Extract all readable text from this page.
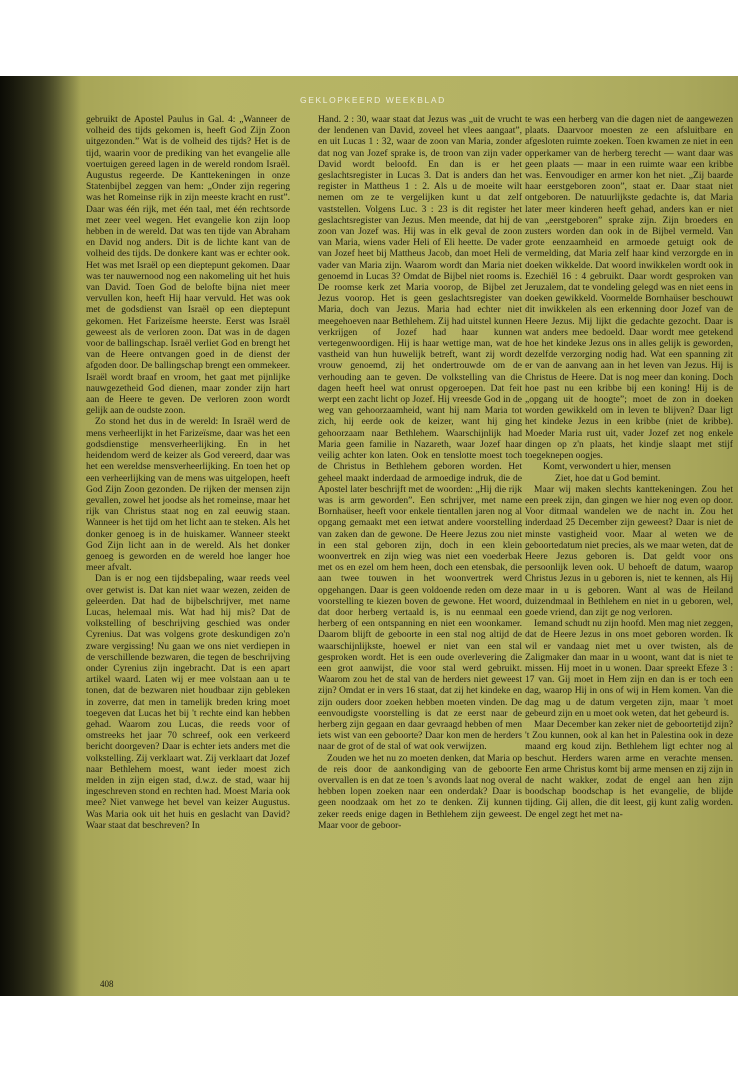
GEKLOPKEERD WEEKBLAD

gebruikt de Apostel Paulus in Gal. 4: „Wanneer de volheid des tijds gekomen is, heeft God Zijn Zoon uitgezonden.” Wat is de volheid des tijds? Het is de tijd, waarin voor de prediking van het evangelie alle voertuigen gereed lagen in de wereld rondom Israël. Augustus regeerde. De Kanttekeningen in onze Statenbijbel zeggen van hem: „Onder zijn regering was het Romeinse rijk in zijn meeste kracht en rust”. Daar was één rijk, met één taal, met één rechtsorde met zeer veel wegen. Het evangelie kon zijn loop hebben in de wereld. Dat was ten tijde van Abraham en David nog anders. Dit is de lichte kant van de volheid des tijds. De donkere kant was er echter ook. Het was met Israël op een dieptepunt gekomen. Daar was ter nauwernood nog een nakomeling uit het huis van David. Toen God de belofte bijna niet meer vervullen kon, heeft Hij haar vervuld. Het was ook met de godsdienst van Israël op een dieptepunt gekomen. Het Farizeïsme heerste. Eerst was Israël geweest als de verloren zoon. Dat was in de dagen voor de ballingschap. Israël verliet God en brengt het van de Heere ontvangen goed in de dienst der afgoden door. De ballingschap brengt een ommekeer. Israël wordt braaf en vroom, het gaat met pijnlijke nauwgezetheid God dienen, maar zonder zijn hart aan de Heere te geven. De verloren zoon wordt gelijk aan de oudste zoon.

Zo stond het dus in de wereld: In Israël werd de mens verheerlijkt in het Farizeïsme, daar was het een godsdienstige mensverheerlijking. En in het heidendom werd de keizer als God vereerd, daar was het een wereldse mensverheerlijking. En toen het op een verheerlijking van de mens was uitgelopen, heeft God Zijn Zoon gezonden. De rijken der mensen zijn gevallen, zowel het joodse als het romeinse, maar het rijk van Christus staat nog en zal eeuwig staan. Wanneer is het tijd om het licht aan te steken. Als het donker genoeg is in de huiskamer. Wanneer steekt God Zijn licht aan in de wereld. Als het donker genoeg is geworden en de wereld hoe langer hoe meer afvalt.

Dan is er nog een tijdsbepaling, waar reeds veel over getwist is. Dat kan niet waar wezen, zeiden de geleerden. Dat had de bijbelschrijver, met name Lucas, helemaal mis. Wat had hij mis? Dat de volkstelling of beschrijving geschied was onder Cyrenius. Dat was volgens grote deskundigen zo'n zware vergissing! Nu gaan we ons niet verdiepen in de verschillende bezwaren, die tegen de beschrijving onder Cyrenius zijn ingebracht. Dat is een apart artikel waard. Laten wij er mee volstaan aan u te tonen, dat de bezwaren niet houdbaar zijn gebleken in zoverre, dat men in tamelijk breden kring moet toegeven dat Lucas het bij 't rechte eind kan hebben gehad. Waarom zou Lucas, die reeds voor of omstreeks het jaar 70 schreef, ook een verkeerd bericht doorgeven? Daar is echter iets anders met die volkstelling. Zij verklaart wat. Zij verklaart dat Jozef naar Bethlehem moest, want ieder moest zich melden in zijn eigen stad, d.w.z. de stad, waar hij ingeschreven stond en rechten had. Moest Maria ook mee? Niet vanwege het bevel van keizer Augustus. Was Maria ook uit het huis en geslacht van David? Waar staat dat beschreven? In

Hand. 2 : 30, waar staat dat Jezus was „uit de vrucht der lendenen van David, zoveel het vlees aangaat”, en uit Lucas 1 : 32, waar de zoon van Maria, zonder dat nog van Jozef sprake is, de troon van zijn vader David wordt beloofd. En dan is er het geslachtsregister in Lucas 3. Dat is anders dan het register in Mattheus 1 : 2. Als u de moeite wilt nemen om ze te vergelijken kunt u dat zelf vaststellen. Volgens Luc. 3 : 23 is dit register het geslachtsregister van Jezus. Men meende, dat hij de zoon van Jozef was. Hij was in elk geval de zoon van Maria, wiens vader Heli of Eli heette. De vader van Jozef heet bij Mattheus Jacob, dan moet Heli de vader van Maria zijn. Waarom wordt dan Maria niet genoemd in Lucas 3? Omdat de Bijbel niet rooms is. De roomse kerk zet Maria voorop, de Bijbel zet Jezus voorop. Het is geen geslachtsregister van Maria, doch van Jezus. Maria had echter niet meegehoeven naar Bethlehem. Zij had uitstel kunnen verkrijgen of Jozef had haar kunnen vertegenwoordigen. Hij is haar wettige man, wat de vastheid van hun huwelijk betreft, want zij wordt vrouw genoemd, zij het ondertrouwde om de verhouding aan te geven. De volkstelling van die dagen heeft heel wat onrust opgeroepen. Dat feit werpt een zacht licht op Jozef. Hij vreesde God in de weg van gehoorzaamheid, want hij nam Maria tot zich, hij eerde ook de keizer, want hij ging gehoorzaam naar Bethlehem. Waarschijnlijk had Maria geen familie in Nazareth, waar Jozef haar veilig achter kon laten. Ook en tenslotte moest toch de Christus in Bethlehem geboren worden. Het geheel maakt inderdaad de armoedige indruk, die de Apostel later beschrijft met de woorden: „Hij die rijk was is arm geworden”. Een schrijver, met name Bornhaüser, heeft voor enkele tientallen jaren nog al opgang gemaakt met een ietwat andere voorstelling van zaken dan de gewone. De Heere Jezus zou niet in een stal geboren zijn, doch in een klein woonvertrek en zijn wieg was niet een voederbak met os en ezel om hem heen, doch een etensbak, die aan twee touwen in het woonvertrek werd opgehangen. Daar is geen voldoende reden om deze voorstelling te kiezen boven de gewone. Het woord, dat door herberg vertaald is, is nu eenmaal een herberg of een ontspanning en niet een woonkamer. Daarom blijft de geboorte in een stal nog altijd de waarschijnlijkste, hoewel er niet van een stal gesproken wordt. Het is een oude overlevering die een grot aanwijst, die voor stal werd gebruikt. Waarom zou het de stal van de herders niet geweest zijn? Omdat er in vers 16 staat, dat zij het kindeke en zijn ouders door zoeken hebben moeten vinden. De eenvoudigste voorstelling is dat ze eerst naar de herberg zijn gegaan en daar gevraagd hebben of men iets wist van een geboorte? Daar kon men de herders naar de grot of de stal of wat ook verwijzen.

Zouden we het nu zo moeten denken, dat Maria op de reis door de aankondiging van de geboorte overvallen is en dat ze toen 's avonds laat nog overal hebben lopen zoeken naar een onderdak? Daar is geen noodzaak om het zo te denken. Zij kunnen zeker reeds enige dagen in Bethlehem zijn geweest. Maar voor de geboor-

te was een herberg van die dagen niet de aangewezen plaats. Daarvoor moesten ze een afsluitbare en afgesloten ruimte zoeken. Toen kwamen ze niet in een opperkamer van de herberg terecht — want daar was geen plaats — maar in een ruimte waar een kribbe was. Eenvoudiger en armer kon het niet. „Zij baarde haar eerstgeboren zoon”, staat er. Daar staat niet ontgeboren. De natuurlijkste gedachte is, dat Maria later meer kinderen heeft gehad, anders kan er niet van „eerstgeboren” sprake zijn. Zijn broeders en zusters worden dan ook in de Bijbel vermeld. Van grote eenzaamheid en armoede getuigt ook de vermelding, dat Maria zelf haar kind verzorgde en in doeken wikkelde. Dat woord inwikkelen wordt ook in Ezechiël 16 : 4 gebruikt. Daar wordt gesproken van Jeruzalem, dat te vondeling gelegd was en niet eens in doeken gewikkeld. Voormelde Bornhaüser beschouwt dit inwikkelen als een erkenning door Jozef van de Heere Jezus. Mij lijkt die gedachte gezocht. Daar is wat anders mee bedoeld. Daar wordt mee getekend hoe het kindeke Jezus ons in alles gelijk is geworden, dezelfde verzorging nodig had. Wat een spanning zit er van de aanvang aan in het leven van Jezus. Hij is Christus de Heere. Dat is nog meer dan koning. Doch hoe past nu een kribbe bij een koning! Hij is de „opgang uit de hoogte”; moet de zon in doeken worden gewikkeld om in leven te blijven? Daar ligt het kindeke Jezus in een kribbe (niet de kribbe). Moeder Maria rust uit, vader Jozef zet nog enkele dingen op z'n plaats, het kindje slaapt met stijf toegeknepen oogjes.

Komt, verwondert u hier, mensen

Ziet, hoe dat u God bemint.

Maar wij maken slechts kanttekeningen. Zou het een preek zijn, dan gingen we hier nog even op door. Voor ditmaal wandelen we de nacht in. Zou het inderdaad 25 December zijn geweest? Daar is niet de minste vastigheid voor. Maar al weten we de geboortedatum niet precies, als we maar weten, dat de Heere Jezus geboren is. Dat geldt voor ons persoonlijk leven ook. U behoeft de datum, waarop Christus Jezus in u geboren is, niet te kennen, als Hij maar in u is geboren. Want al was de Heiland duizendmaal in Bethlehem en niet in u geboren, wel, goede vriend, dan zijt ge nog verloren.

Iemand schudt nu zijn hoofd. Men mag niet zeggen, dat de Heere Jezus in ons moet geboren worden. Ik wil er vandaag niet met u over twisten, als de Zaligmaker dan maar in u woont, want dat is niet te missen. Hij moet in u wonen. Daar spreekt Efeze 3 : 17 van. Gij moet in Hem zijn en dan is er toch een dag, waarop Hij in ons of wij in Hem komen. Van die dag mag u de datum vergeten zijn, maar 't moet gebeurd zijn en u moet ook weten, dat het gebeurd is.

Maar December kan zeker niet de geboortetijd zijn? 't Zou kunnen, ook al kan het in Palestina ook in deze maand erg koud zijn. Bethlehem ligt echter nog al beschut. Herders waren arme en verachte mensen. Een arme Christus komt bij arme mensen en zij zijn in de nacht wakker, zodat de engel aan hen zijn boodschap boodschap is het evangelie, de blijde tijding. Gij allen, die dit leest, gij kunt zalig worden. De engel zegt het met na-

408
